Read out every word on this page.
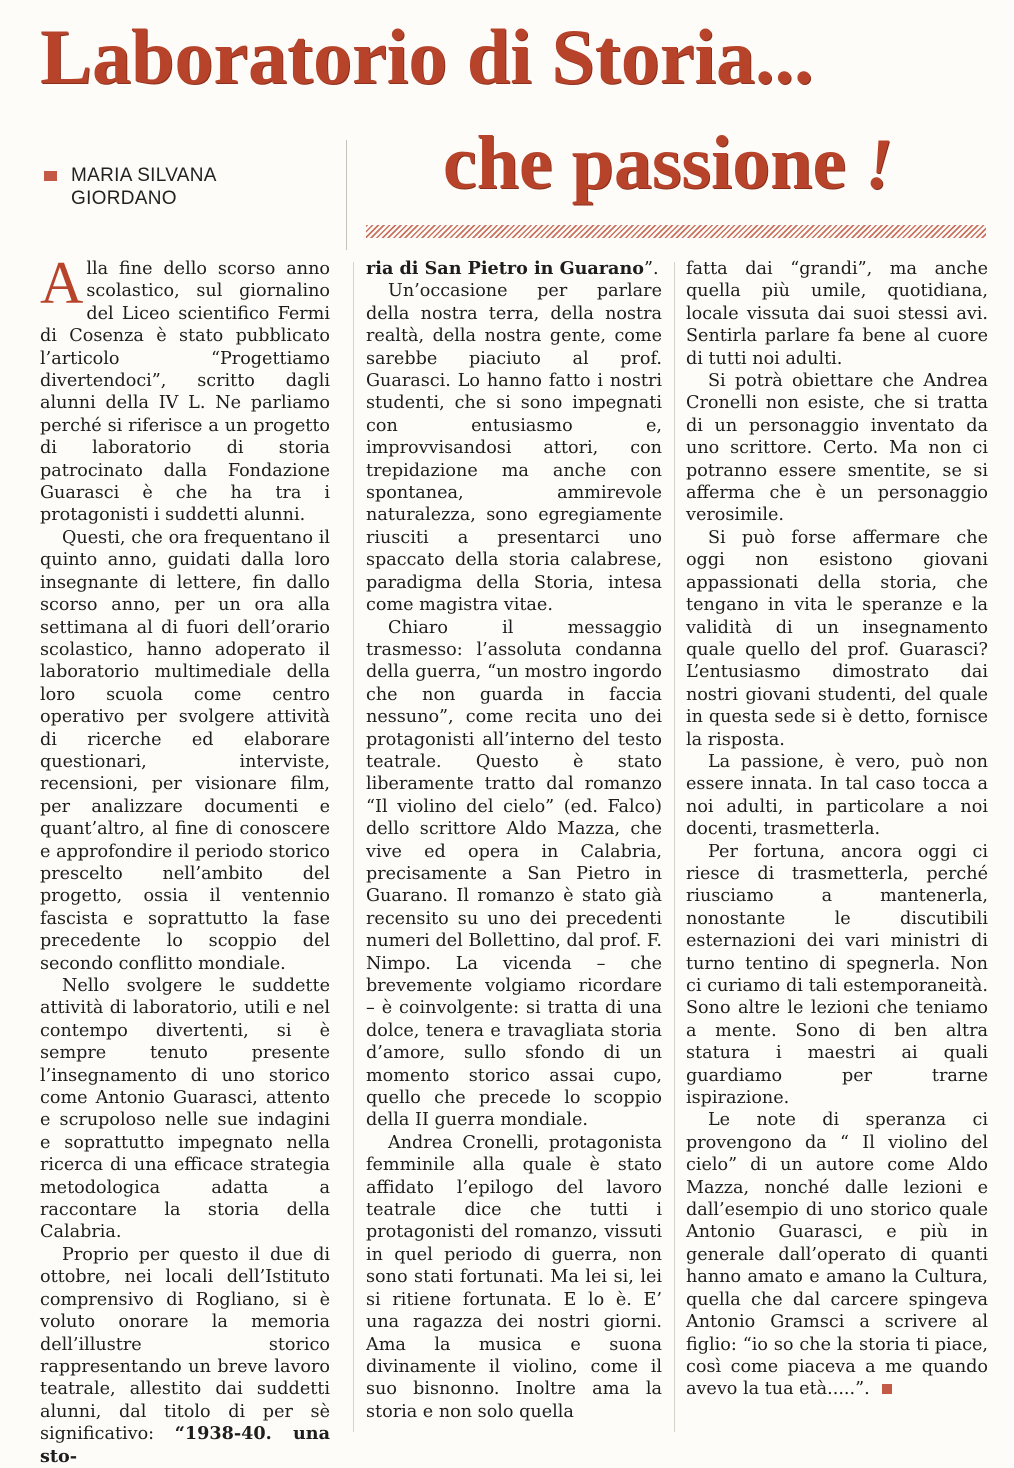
Laboratorio di Storia...
che passione !
MARIA SILVANA
GIORDANO

Alla fine dello scorso anno scolastico, sul giornalino del Liceo scientifico Fermi di Cosenza è stato pubblicato l’articolo “Progettiamo divertendoci”, scritto dagli alunni della IV L. Ne parliamo perché si riferisce a un progetto di laboratorio di storia patrocinato dalla Fondazione Guarasci è che ha tra i protagonisti i suddetti alunni.

Questi, che ora frequentano il quinto anno, guidati dalla loro insegnante di lettere, fin dallo scorso anno, per un ora alla settimana al di fuori dell’orario scolastico, hanno adoperato il laboratorio multimediale della loro scuola come centro operativo per svolgere attività di ricerche ed elaborare questionari, interviste, recensioni, per visionare film, per analizzare documenti e quant’altro, al fine di conoscere e approfondire il periodo storico prescelto nell’ambito del progetto, ossia il ventennio fascista e soprattutto la fase precedente lo scoppio del secondo conflitto mondiale.

Nello svolgere le suddette attività di laboratorio, utili e nel contempo divertenti, si è sempre tenuto presente l’insegnamento di uno storico come Antonio Guarasci, attento e scrupoloso nelle sue indagini e soprattutto impegnato nella ricerca di una efficace strategia metodologica adatta a raccontare la storia della Calabria.

Proprio per questo il due di ottobre, nei locali dell’Istituto comprensivo di Rogliano, si è voluto onorare la memoria dell’illustre storico rappresentando un breve lavoro teatrale, allestito dai suddetti alunni, dal titolo di per sè significativo: “1938-40. una sto-

ria di San Pietro in Guarano”.

Un’occasione per parlare della nostra terra, della nostra realtà, della nostra gente, come sarebbe piaciuto al prof. Guarasci. Lo hanno fatto i nostri studenti, che si sono impegnati con entusiasmo e, improvvisandosi attori, con trepidazione ma anche con spontanea, ammirevole naturalezza, sono egregiamente riusciti a presentarci uno spaccato della storia calabrese, paradigma della Storia, intesa come magistra vitae.

Chiaro il messaggio trasmesso: l’assoluta condanna della guerra, “un mostro ingordo che non guarda in faccia nessuno”, come recita uno dei protagonisti all’interno del testo teatrale. Questo è stato liberamente tratto dal romanzo “Il violino del cielo” (ed. Falco) dello scrittore Aldo Mazza, che vive ed opera in Calabria, precisamente a San Pietro in Guarano. Il romanzo è stato già recensito su uno dei precedenti numeri del Bollettino, dal prof. F. Nimpo. La vicenda – che brevemente volgiamo ricordare – è coinvolgente: si tratta di una dolce, tenera e travagliata storia d’amore, sullo sfondo di un momento storico assai cupo, quello che precede lo scoppio della II guerra mondiale.

Andrea Cronelli, protagonista femminile alla quale è stato affidato l’epilogo del lavoro teatrale dice che tutti i protagonisti del romanzo, vissuti in quel periodo di guerra, non sono stati fortunati. Ma lei si, lei si ritiene fortunata. E lo è. E’ una ragazza dei nostri giorni. Ama la musica e suona divinamente il violino, come il suo bisnonno. Inoltre ama la storia e non solo quella

fatta dai “grandi”, ma anche quella più umile, quotidiana, locale vissuta dai suoi stessi avi. Sentirla parlare fa bene al cuore di tutti noi adulti.

Si potrà obiettare che Andrea Cronelli non esiste, che si tratta di un personaggio inventato da uno scrittore. Certo. Ma non ci potranno essere smentite, se si afferma che è un personaggio verosimile.

Si può forse affermare che oggi non esistono giovani appassionati della storia, che tengano in vita le speranze e la validità di un insegnamento quale quello del prof. Guarasci? L’entusiasmo dimostrato dai nostri giovani studenti, del quale in questa sede si è detto, fornisce la risposta.

La passione, è vero, può non essere innata. In tal caso tocca a noi adulti, in particolare a noi docenti, trasmetterla.

Per fortuna, ancora oggi ci riesce di trasmetterla, perché riusciamo a mantenerla, nonostante le discutibili esternazioni dei vari ministri di turno tentino di spegnerla. Non ci curiamo di tali estemporaneità. Sono altre le lezioni che teniamo a mente. Sono di ben altra statura i maestri ai quali guardiamo per trarne ispirazione.

Le note di speranza ci provengono da “ Il violino del cielo” di un autore come Aldo Mazza, nonché dalle lezioni e dall’esempio di uno storico quale Antonio Guarasci, e più in generale dall’operato di quanti hanno amato e amano la Cultura, quella che dal carcere spingeva Antonio Gramsci a scrivere al figlio: “io so che la storia ti piace, così come piaceva a me quando avevo la tua età.....”.
